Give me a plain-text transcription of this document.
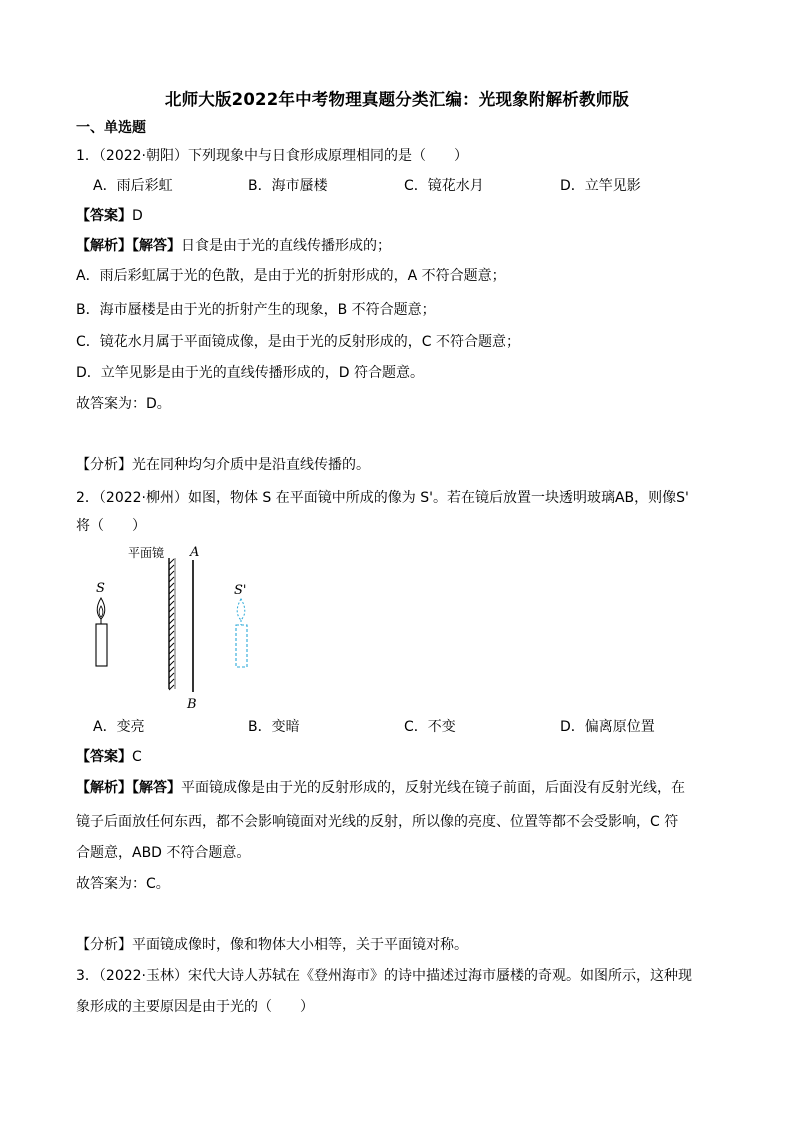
北师大版2022年中考物理真题分类汇编：光现象附解析教师版
一、单选题
1．（2022·朝阳）下列现象中与日食形成原理相同的是（　　）
A．雨后彩虹	B．海市蜃楼	C．镜花水月	D．立竿见影
【答案】D
【解析】【解答】日食是由于光的直线传播形成的；
A．雨后彩虹属于光的色散，是由于光的折射形成的，A 不符合题意；
B．海市蜃楼是由于光的折射产生的现象，B 不符合题意；
C．镜花水月属于平面镜成像，是由于光的反射形成的，C 不符合题意；
D．立竿见影是由于光的直线传播形成的，D 符合题意。
故答案为：D。
【分析】光在同种均匀介质中是沿直线传播的。
2．（2022·柳州）如图，物体 S 在平面镜中所成的像为 S'。若在镜后放置一块透明玻璃AB，则像S'
将（　　）
平面镜 A
B
S	S'
A．变亮	B．变暗	C．不变	D．偏离原位置
【答案】C
【解析】【解答】平面镜成像是由于光的反射形成的，反射光线在镜子前面，后面没有反射光线，在
镜子后面放任何东西，都不会影响镜面对光线的反射，所以像的亮度、位置等都不会受影响，C 符
合题意，ABD 不符合题意。
故答案为：C。
【分析】平面镜成像时，像和物体大小相等，关于平面镜对称。
3．（2022·玉林）宋代大诗人苏轼在《登州海市》的诗中描述过海市蜃楼的奇观。如图所示，这种现
象形成的主要原因是由于光的（　　）
